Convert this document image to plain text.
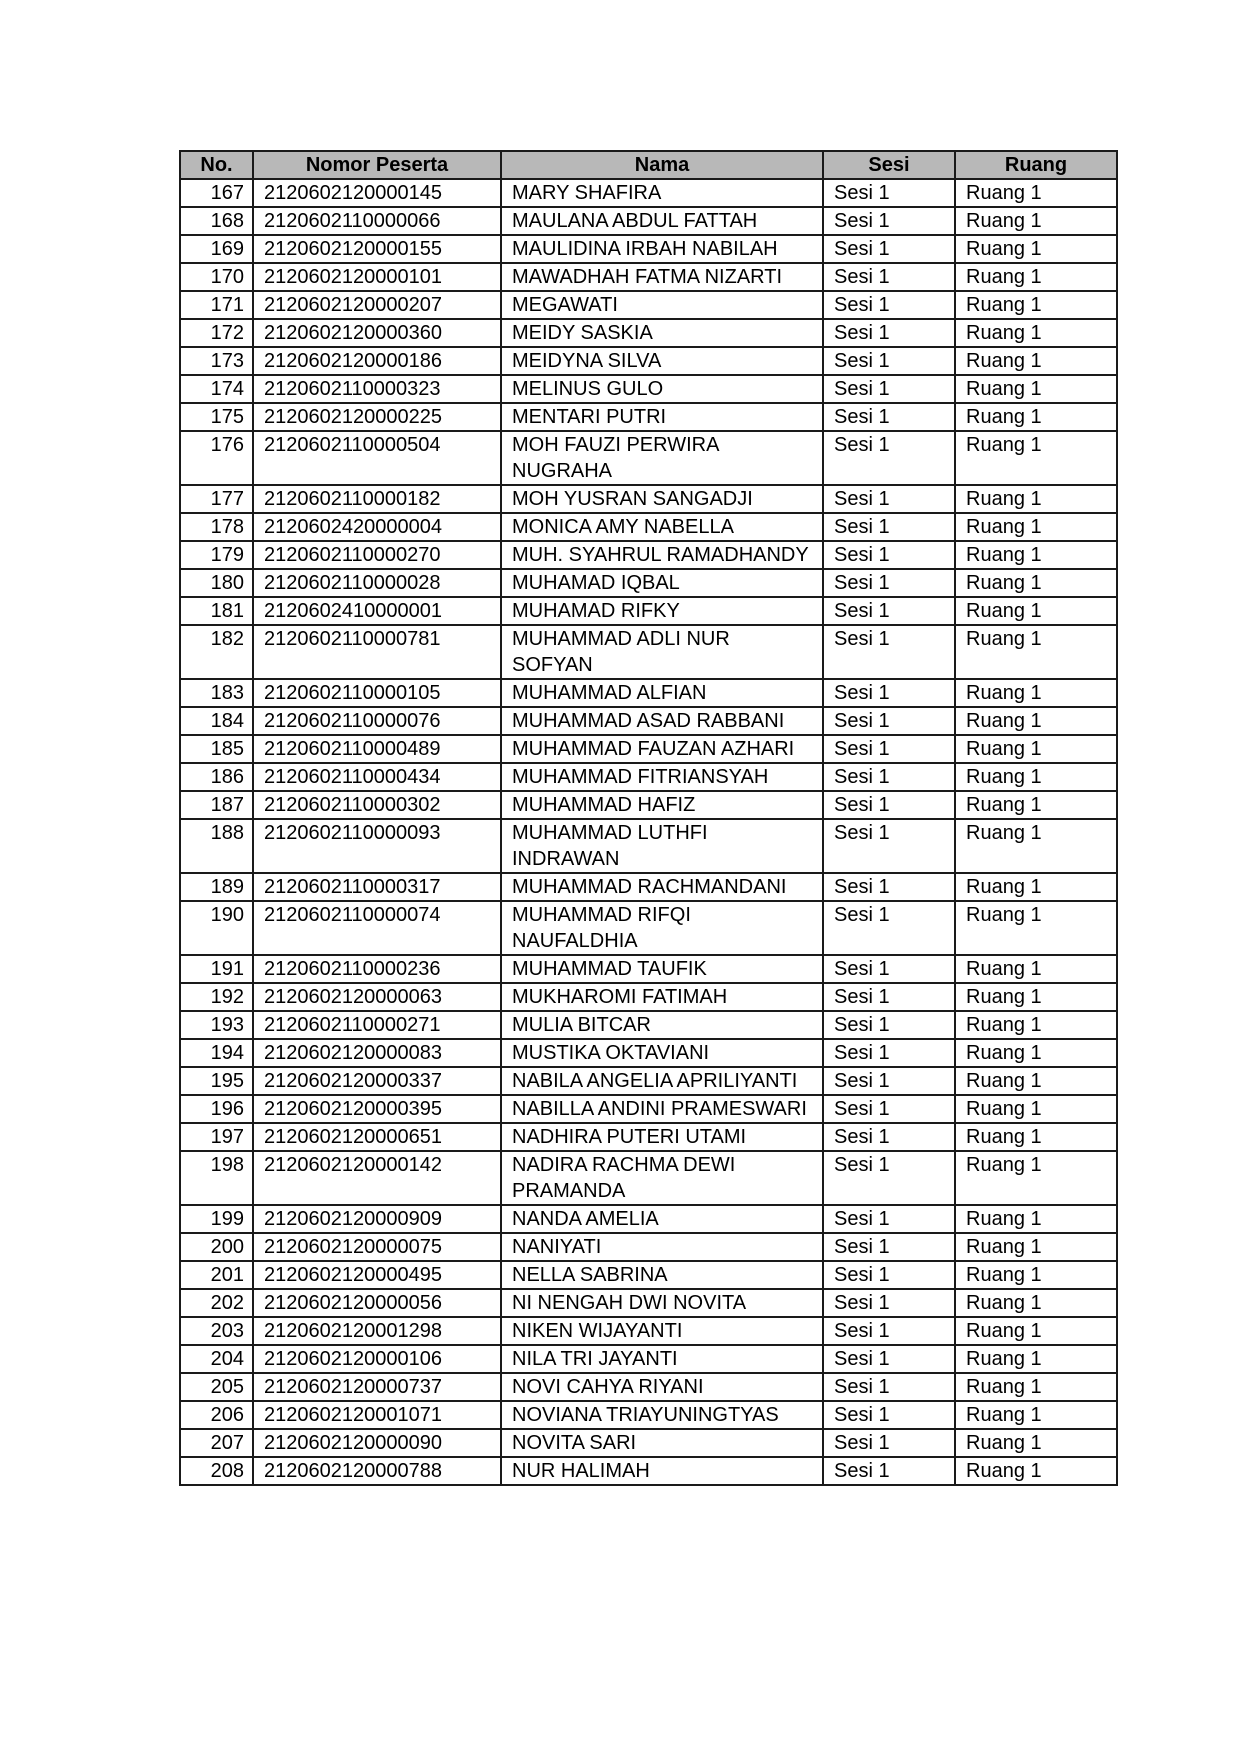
No.	Nomor Peserta	Nama	Sesi	Ruang
167	2120602120000145	MARY SHAFIRA	Sesi 1	Ruang 1
168	2120602110000066	MAULANA ABDUL FATTAH	Sesi 1	Ruang 1
169	2120602120000155	MAULIDINA IRBAH NABILAH	Sesi 1	Ruang 1
170	2120602120000101	MAWADHAH FATMA NIZARTI	Sesi 1	Ruang 1
171	2120602120000207	MEGAWATI	Sesi 1	Ruang 1
172	2120602120000360	MEIDY SASKIA	Sesi 1	Ruang 1
173	2120602120000186	MEIDYNA SILVA	Sesi 1	Ruang 1
174	2120602110000323	MELINUS GULO	Sesi 1	Ruang 1
175	2120602120000225	MENTARI PUTRI	Sesi 1	Ruang 1
176	2120602110000504	MOH FAUZI PERWIRA NUGRAHA	Sesi 1	Ruang 1
177	2120602110000182	MOH YUSRAN SANGADJI	Sesi 1	Ruang 1
178	2120602420000004	MONICA AMY NABELLA	Sesi 1	Ruang 1
179	2120602110000270	MUH. SYAHRUL RAMADHANDY	Sesi 1	Ruang 1
180	2120602110000028	MUHAMAD IQBAL	Sesi 1	Ruang 1
181	2120602410000001	MUHAMAD RIFKY	Sesi 1	Ruang 1
182	2120602110000781	MUHAMMAD ADLI NUR SOFYAN	Sesi 1	Ruang 1
183	2120602110000105	MUHAMMAD ALFIAN	Sesi 1	Ruang 1
184	2120602110000076	MUHAMMAD ASAD RABBANI	Sesi 1	Ruang 1
185	2120602110000489	MUHAMMAD FAUZAN AZHARI	Sesi 1	Ruang 1
186	2120602110000434	MUHAMMAD FITRIANSYAH	Sesi 1	Ruang 1
187	2120602110000302	MUHAMMAD HAFIZ	Sesi 1	Ruang 1
188	2120602110000093	MUHAMMAD LUTHFI INDRAWAN	Sesi 1	Ruang 1
189	2120602110000317	MUHAMMAD RACHMANDANI	Sesi 1	Ruang 1
190	2120602110000074	MUHAMMAD RIFQI NAUFALDHIA	Sesi 1	Ruang 1
191	2120602110000236	MUHAMMAD TAUFIK	Sesi 1	Ruang 1
192	2120602120000063	MUKHAROMI FATIMAH	Sesi 1	Ruang 1
193	2120602110000271	MULIA BITCAR	Sesi 1	Ruang 1
194	2120602120000083	MUSTIKA OKTAVIANI	Sesi 1	Ruang 1
195	2120602120000337	NABILA ANGELIA APRILIYANTI	Sesi 1	Ruang 1
196	2120602120000395	NABILLA ANDINI PRAMESWARI	Sesi 1	Ruang 1
197	2120602120000651	NADHIRA PUTERI UTAMI	Sesi 1	Ruang 1
198	2120602120000142	NADIRA RACHMA DEWI PRAMANDA	Sesi 1	Ruang 1
199	2120602120000909	NANDA AMELIA	Sesi 1	Ruang 1
200	2120602120000075	NANIYATI	Sesi 1	Ruang 1
201	2120602120000495	NELLA SABRINA	Sesi 1	Ruang 1
202	2120602120000056	NI NENGAH DWI NOVITA	Sesi 1	Ruang 1
203	2120602120001298	NIKEN WIJAYANTI	Sesi 1	Ruang 1
204	2120602120000106	NILA TRI JAYANTI	Sesi 1	Ruang 1
205	2120602120000737	NOVI CAHYA RIYANI	Sesi 1	Ruang 1
206	2120602120001071	NOVIANA TRIAYUNINGTYAS	Sesi 1	Ruang 1
207	2120602120000090	NOVITA SARI	Sesi 1	Ruang 1
208	2120602120000788	NUR HALIMAH	Sesi 1	Ruang 1
